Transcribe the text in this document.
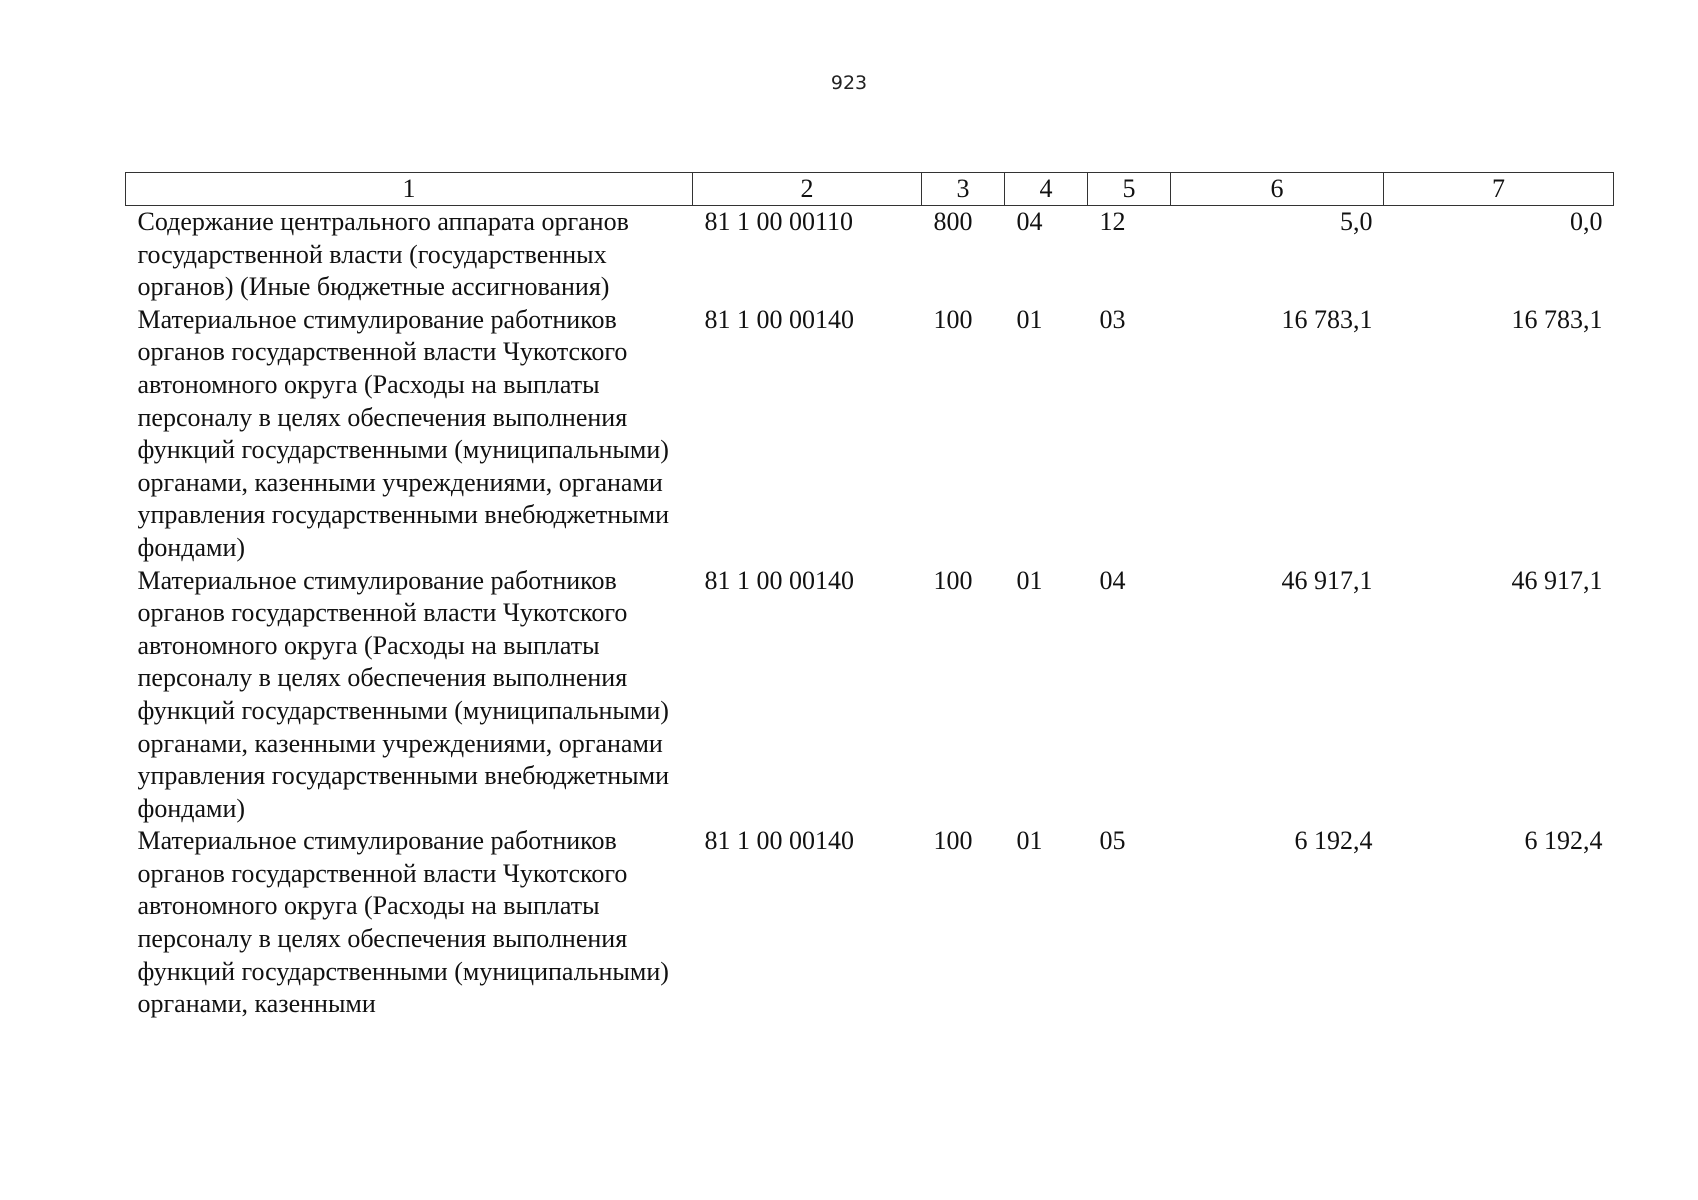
923
1	2	3	4	5	6	7
Содержание центрального аппарата органов государственной власти (государственных органов) (Иные бюджетные ассигнования)	81 1 00 00110	800	04	12	5,0	0,0
Материальное стимулирование работников органов государственной власти Чукотского автономного округа (Расходы на выплаты персоналу в целях обеспечения выполнения функций государственными (муниципальными) органами, казенными учреждениями, органами управления государственными внебюджетными фондами)	81 1 00 00140	100	01	03	16 783,1	16 783,1
Материальное стимулирование работников органов государственной власти Чукотского автономного округа (Расходы на выплаты персоналу в целях обеспечения выполнения функций государственными (муниципальными) органами, казенными учреждениями, органами управления государственными внебюджетными фондами)	81 1 00 00140	100	01	04	46 917,1	46 917,1
Материальное стимулирование работников органов государственной власти Чукотского автономного округа (Расходы на выплаты персоналу в целях обеспечения выполнения функций государственными (муниципальными) органами, казенными	81 1 00 00140	100	01	05	6 192,4	6 192,4
